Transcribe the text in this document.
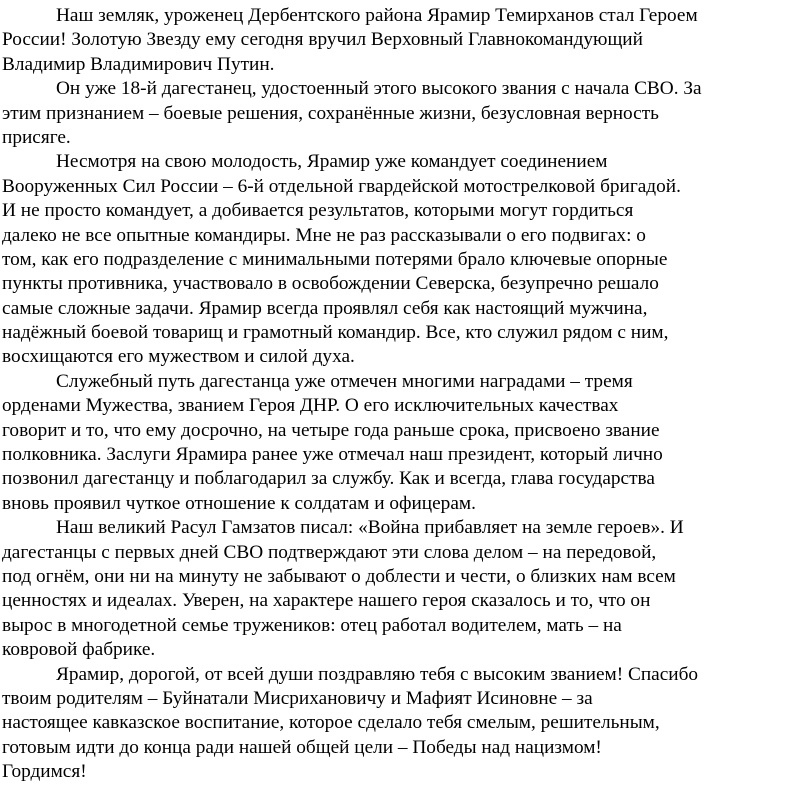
Наш земляк, уроженец Дербентского района Ярамир Темирханов стал Героем
России! Золотую Звезду ему сегодня вручил Верховный Главнокомандующий
Владимир Владимирович Путин.
Он уже 18-й дагестанец, удостоенный этого высокого звания с начала СВО. За
этим признанием – боевые решения, сохранённые жизни, безусловная верность
присяге.
Несмотря на свою молодость, Ярамир уже командует соединением
Вооруженных Сил России – 6-й отдельной гвардейской мотострелковой бригадой.
И не просто командует, а добивается результатов, которыми могут гордиться
далеко не все опытные командиры. Мне не раз рассказывали о его подвигах: о
том, как его подразделение с минимальными потерями брало ключевые опорные
пункты противника, участвовало в освобождении Северска, безупречно решало
самые сложные задачи. Ярамир всегда проявлял себя как настоящий мужчина,
надёжный боевой товарищ и грамотный командир. Все, кто служил рядом с ним,
восхищаются его мужеством и силой духа.
Служебный путь дагестанца уже отмечен многими наградами – тремя
орденами Мужества, званием Героя ДНР. О его исключительных качествах
говорит и то, что ему досрочно, на четыре года раньше срока, присвоено звание
полковника. Заслуги Ярамира ранее уже отмечал наш президент, который лично
позвонил дагестанцу и поблагодарил за службу. Как и всегда, глава государства
вновь проявил чуткое отношение к солдатам и офицерам.
Наш великий Расул Гамзатов писал: «Война прибавляет на земле героев». И
дагестанцы с первых дней СВО подтверждают эти слова делом – на передовой,
под огнём, они ни на минуту не забывают о доблести и чести, о близких нам всем
ценностях и идеалах. Уверен, на характере нашего героя сказалось и то, что он
вырос в многодетной семье тружеников: отец работал водителем, мать – на
ковровой фабрике.
Ярамир, дорогой, от всей души поздравляю тебя с высоким званием! Спасибо
твоим родителям – Буйнатали Мисрихановичу и Мафият Исиновне – за
настоящее кавказское воспитание, которое сделало тебя смелым, решительным,
готовым идти до конца ради нашей общей цели – Победы над нацизмом!
Гордимся!
